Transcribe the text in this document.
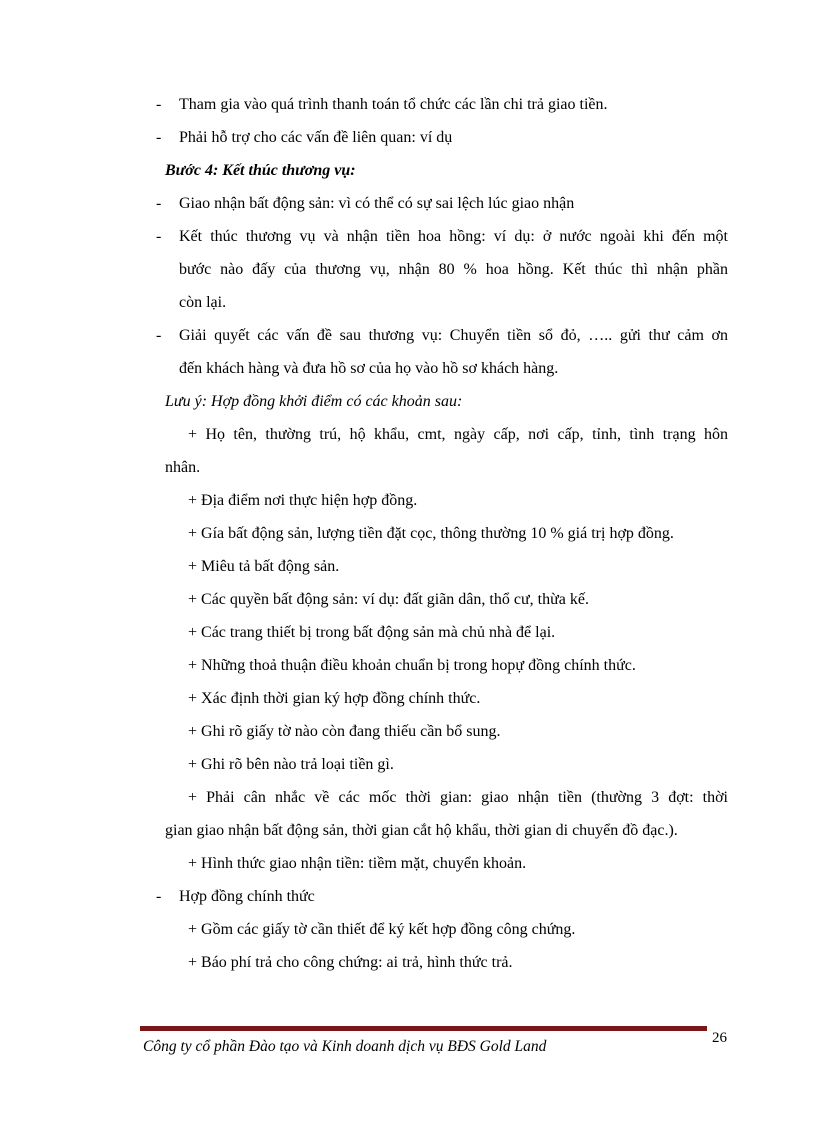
- Tham gia vào quá trình thanh toán tổ chức các lần chi trả giao tiền.
- Phải hỗ trợ cho các vấn đề liên quan: ví dụ
Bước 4: Kết thúc thương vụ:
- Giao nhận bất động sản: vì có thể có sự sai lệch lúc giao nhận
- Kết thúc thương vụ và nhận tiền hoa hồng: ví dụ: ở nước ngoài khi đến một
bước nào đấy của thương vụ, nhận 80 % hoa hồng. Kết thúc thì nhận phần
còn lại.
- Giải quyết các vấn đề sau thương vụ: Chuyển tiền sổ đỏ, ….. gửi thư cảm ơn
đến khách hàng và đưa hồ sơ của họ vào hồ sơ khách hàng.
Lưu ý: Hợp đồng khởi điểm có các khoản sau:
+ Họ tên, thường trú, hộ khẩu, cmt, ngày cấp, nơi cấp, tỉnh, tình trạng hôn
nhân.
+ Địa điểm nơi thực hiện hợp đồng.
+ Gía bất động sản, lượng tiền đặt cọc, thông thường 10 % giá trị hợp đồng.
+ Miêu tả bất động sản.
+ Các quyền bất động sản: ví dụ: đất giãn dân, thổ cư, thừa kế.
+ Các trang thiết bị trong bất động sản mà chủ nhà để lại.
+ Những thoả thuận điều khoản chuẩn bị trong hopự đồng chính thức.
+ Xác định thời gian ký hợp đồng chính thức.
+ Ghi rõ giấy tờ nào còn đang thiếu cần bổ sung.
+ Ghi rõ bên nào trả loại tiền gì.
+ Phải cân nhắc về các mốc thời gian: giao nhận tiền (thường 3 đợt: thời
gian giao nhận bất động sản, thời gian cắt hộ khẩu, thời gian di chuyển đồ đạc.).
+ Hình thức giao nhận tiền: tiềm mặt, chuyển khoản.
- Hợp đồng chính thức
+ Gồm các giấy tờ cần thiết để ký kết hợp đồng công chứng.
+ Báo phí trả cho công chứng: ai trả, hình thức trả.
Công ty cổ phần Đào tạo và Kinh doanh dịch vụ BĐS Gold Land	26
